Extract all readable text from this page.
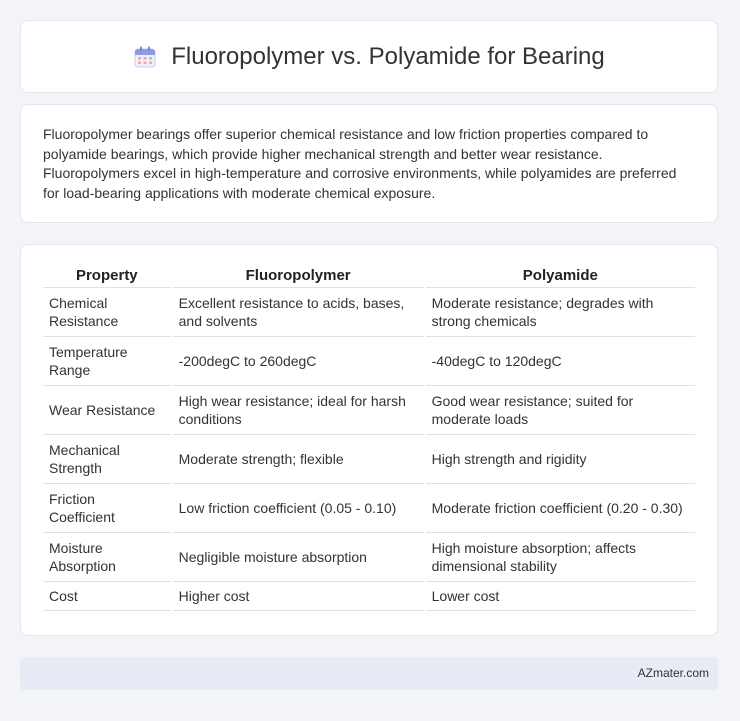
Fluoropolymer vs. Polyamide for Bearing

Fluoropolymer bearings offer superior chemical resistance and low friction properties compared to polyamide bearings, which provide higher mechanical strength and better wear resistance. Fluoropolymers excel in high-temperature and corrosive environments, while polyamides are preferred for load-bearing applications with moderate chemical exposure.

Property	Fluoropolymer	Polyamide
Chemical Resistance	Excellent resistance to acids, bases, and solvents	Moderate resistance; degrades with strong chemicals
Temperature Range	-200degC to 260degC	-40degC to 120degC
Wear Resistance	High wear resistance; ideal for harsh conditions	Good wear resistance; suited for moderate loads
Mechanical Strength	Moderate strength; flexible	High strength and rigidity
Friction Coefficient	Low friction coefficient (0.05 - 0.10)	Moderate friction coefficient (0.20 - 0.30)
Moisture Absorption	Negligible moisture absorption	High moisture absorption; affects dimensional stability
Cost	Higher cost	Lower cost
AZmater.com
